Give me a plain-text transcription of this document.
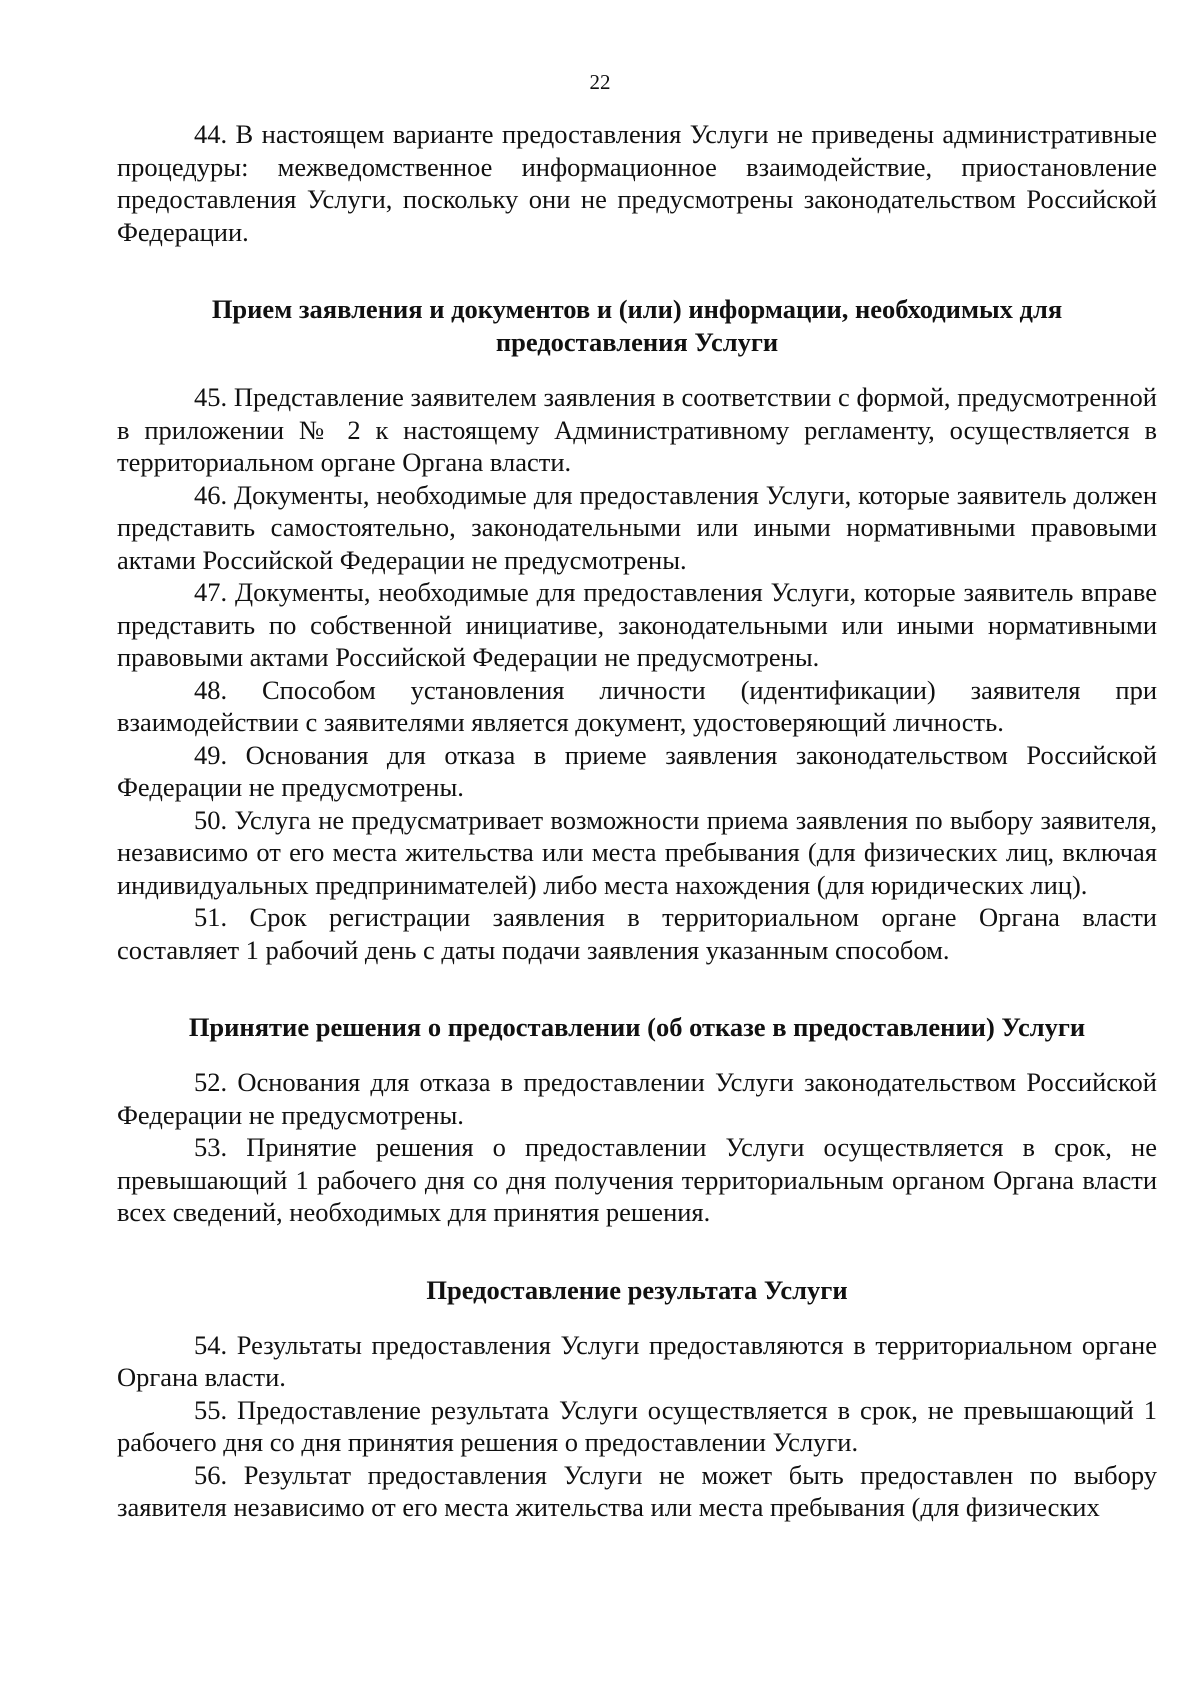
22

44. В настоящем варианте предоставления Услуги не приведены административные процедуры: межведомственное информационное взаимодействие, приостановление предоставления Услуги, поскольку они не предусмотрены законодательством Российской Федерации.

Прием заявления и документов и (или) информации, необходимых для
предоставления Услуги

45. Представление заявителем заявления в соответствии с формой, предусмотренной в приложении № 2 к настоящему Административному регламенту, осуществляется в территориальном органе Органа власти.

46. Документы, необходимые для предоставления Услуги, которые заявитель должен представить самостоятельно, законодательными или иными нормативными правовыми актами Российской Федерации не предусмотрены.

47. Документы, необходимые для предоставления Услуги, которые заявитель вправе представить по собственной инициативе, законодательными или иными нормативными правовыми актами Российской Федерации не предусмотрены.

48. Способом установления личности (идентификации) заявителя при взаимодействии с заявителями является документ, удостоверяющий личность.

49. Основания для отказа в приеме заявления законодательством Российской Федерации не предусмотрены.

50. Услуга не предусматривает возможности приема заявления по выбору заявителя, независимо от его места жительства или места пребывания (для физических лиц, включая индивидуальных предпринимателей) либо места нахождения (для юридических лиц).

51. Срок регистрации заявления в территориальном органе Органа власти составляет 1 рабочий день с даты подачи заявления указанным способом.

Принятие решения о предоставлении (об отказе в предоставлении) Услуги

52. Основания для отказа в предоставлении Услуги законодательством Российской Федерации не предусмотрены.

53. Принятие решения о предоставлении Услуги осуществляется в срок, не превышающий 1 рабочего дня со дня получения территориальным органом Органа власти всех сведений, необходимых для принятия решения.

Предоставление результата Услуги

54. Результаты предоставления Услуги предоставляются в территориальном органе Органа власти.

55. Предоставление результата Услуги осуществляется в срок, не превышающий 1 рабочего дня со дня принятия решения о предоставлении Услуги.

56. Результат предоставления Услуги не может быть предоставлен по выбору заявителя независимо от его места жительства или места пребывания (для физических
